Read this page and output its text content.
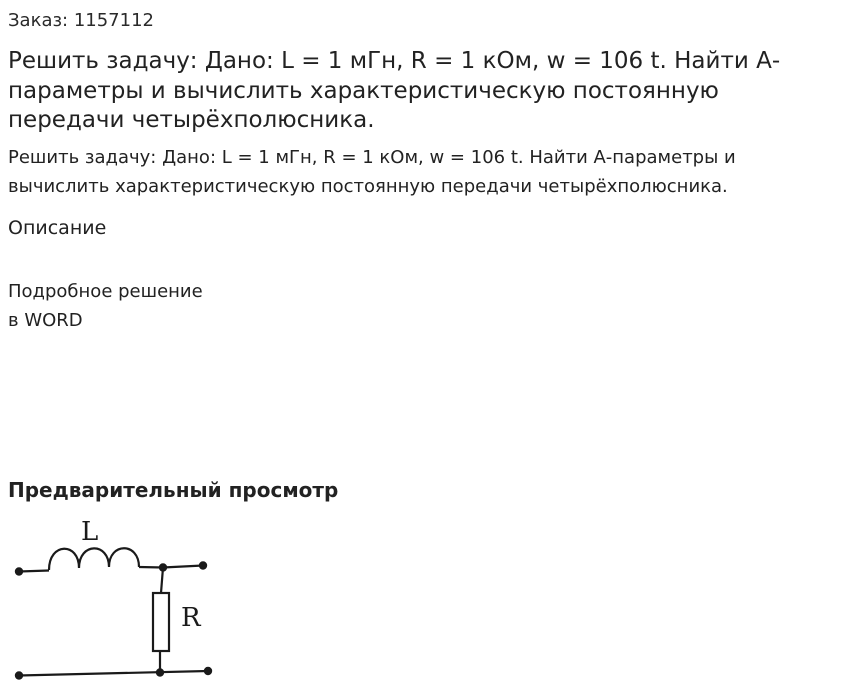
Заказ: 1157112
Решить задачу: Дано: L = 1 мГн, R = 1 кОм, w = 106 t. Найти А-параметры и вычислить характеристическую постоянную передачи четырёхполюсника.

Решить задачу: Дано: L = 1 мГн, R = 1 кОм, w = 106 t. Найти А-параметры и вычислить характеристическую постоянную передачи четырёхполюсника.

Описание
Подробное решение
в WORD
Предварительный просмотр
L
R
